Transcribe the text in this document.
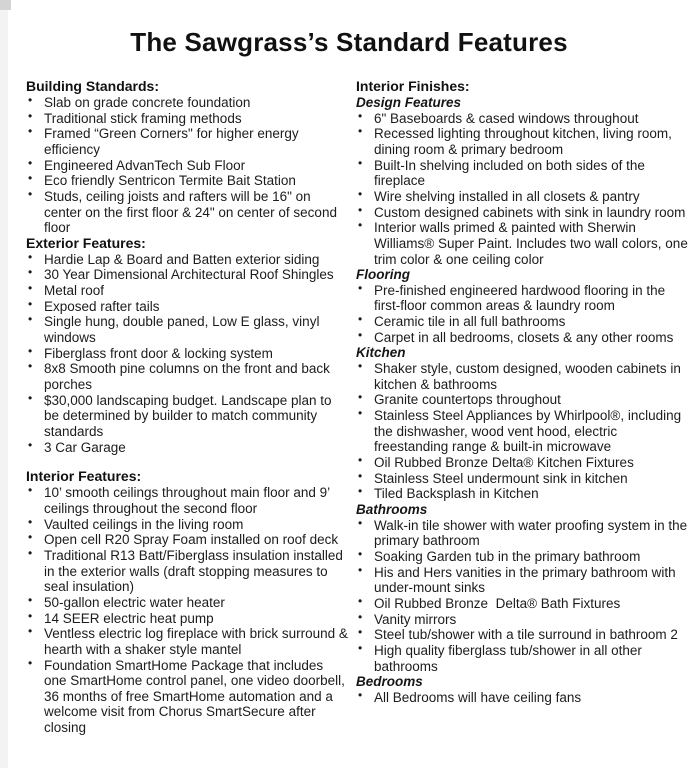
The Sawgrass’s Standard Features
Building Standards:
• Slab on grade concrete foundation
• Traditional stick framing methods
• Framed “Green Corners" for higher energy efficiency
• Engineered AdvanTech Sub Floor
• Eco friendly Sentricon Termite Bait Station
• Studs, ceiling joists and rafters will be 16" on center on the first floor & 24" on center of second floor
Exterior Features:
• Hardie Lap & Board and Batten exterior siding
• 30 Year Dimensional Architectural Roof Shingles
• Metal roof
• Exposed rafter tails
• Single hung, double paned, Low E glass, vinyl windows
• Fiberglass front door & locking system
• 8x8 Smooth pine columns on the front and back porches
• $30,000 landscaping budget. Landscape plan to be determined by builder to match community standards
• 3 Car Garage
Interior Features:
• 10’ smooth ceilings throughout main floor and 9’ ceilings throughout the second floor
• Vaulted ceilings in the living room
• Open cell R20 Spray Foam installed on roof deck
• Traditional R13 Batt/Fiberglass insulation installed in the exterior walls (draft stopping measures to seal insulation)
• 50-gallon electric water heater
• 14 SEER electric heat pump
• Ventless electric log fireplace with brick surround & hearth with a shaker style mantel
• Foundation SmartHome Package that includes one SmartHome control panel, one video doorbell, 36 months of free SmartHome automation and a welcome visit from Chorus SmartSecure after closing
Interior Finishes:
Design Features
• 6" Baseboards & cased windows throughout
• Recessed lighting throughout kitchen, living room, dining room & primary bedroom
• Built-In shelving included on both sides of the fireplace
• Wire shelving installed in all closets & pantry
• Custom designed cabinets with sink in laundry room
• Interior walls primed & painted with Sherwin Williams® Super Paint. Includes two wall colors, one trim color & one ceiling color
Flooring
• Pre-finished engineered hardwood flooring in the first-floor common areas & laundry room
• Ceramic tile in all full bathrooms
• Carpet in all bedrooms, closets & any other rooms
Kitchen
• Shaker style, custom designed, wooden cabinets in kitchen & bathrooms
• Granite countertops throughout
• Stainless Steel Appliances by Whirlpool®, including the dishwasher, wood vent hood, electric freestanding range & built-in microwave
• Oil Rubbed Bronze Delta® Kitchen Fixtures
• Stainless Steel undermount sink in kitchen
• Tiled Backsplash in Kitchen
Bathrooms
• Walk-in tile shower with water proofing system in the primary bathroom
• Soaking Garden tub in the primary bathroom
• His and Hers vanities in the primary bathroom with under-mount sinks
• Oil Rubbed Bronze  Delta® Bath Fixtures
• Vanity mirrors
• Steel tub/shower with a tile surround in bathroom 2
• High quality fiberglass tub/shower in all other bathrooms
Bedrooms
• All Bedrooms will have ceiling fans
